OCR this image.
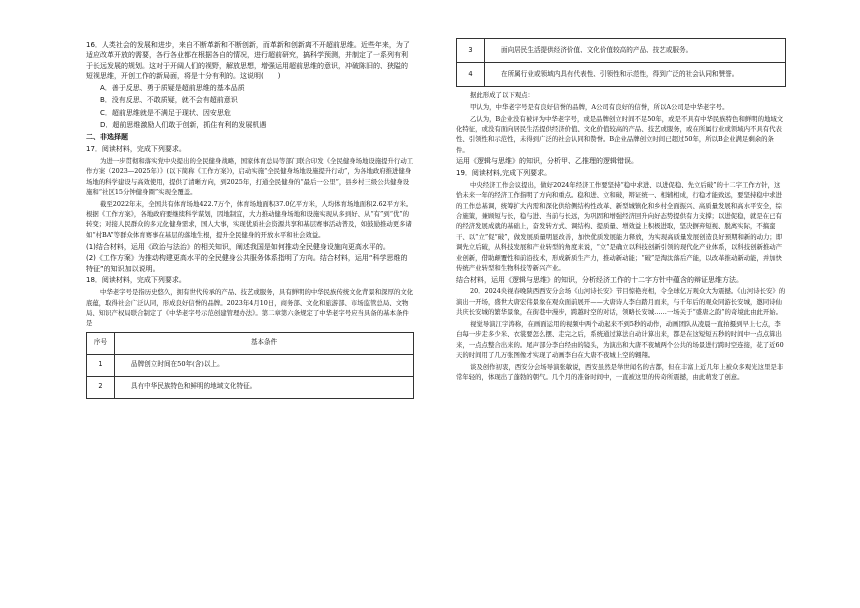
16．人类社会的发展和进步，来自不断革新和不断创新，而革新和创新离不开超前思维。近些年来，为了适应改革开放的需要，各行各业都在根据各自的情况，进行超前研究，搞科学预测，并制定了一系列有利于长远发展的规划。这对于开阔人们的视野，解放思想，增强运用超前思维的意识，冲破陈旧的、狭隘的短视思维，开创工作的新局面，将是十分有利的。这说明(　　)

A．善于反思、勇于质疑是超前思维的基本品质

B．没有反思、不敢质疑，就不会有超前意识

C．超前思维就是不满足于现状、因安思危

D．超前思维激励人们敢于创新，抓住有利的发展机遇

二、非选择题

17．阅读材料，完成下列要求。

为进一步贯彻和落实党中央提出的全民健身战略，国家体育总局等部门联合印发《全民健身场地设施提升行动工作方案（2023—2025年）》(以下简称《工作方案》)，启动实施“全民健身场地设施提升行动”，为各地政府推进健身场地的科学建设与高效使用，提供了清晰方向，到2025年，打通全民健身的“最后一公里”，县乡村三级公共健身设施和“社区15分钟健身圈”实现全覆盖。

截至2022年末，全国共有体育场地422.7万个，体育场地面积37.0亿平方米，人均体育场地面积2.62平方米。根据《工作方案》，各地政府要继续科学谋划，因地制宜，大力推动健身场地和设施实现从多到好、从“有”到“优”的转变；对接人民群众的多元化健身需求，国人大事，实现优质社会资源共享和基层赛事活动普及，如鼓励推动更多诸如“村BA”等群众体育赛事在基层的落地生根，提升全民健身的开放水平和社会效益。

(1)结合材料，运用《政治与法治》的相关知识，阐述我国是如何推动全民健身设施向更高水平的。

(2)《工作方案》为推动构建更高水平的全民健身公共服务体系指明了方向。结合材料，运用“科学思维的特征”的知识加以说明。

18．阅读材料，完成下列要求。

中华老字号是指历史悠久，拥有世代传承的产品、技艺或服务，具有鲜明的中华民族传统文化背景和深厚的文化底蕴，取得社会广泛认同，形成良好信誉的品牌。2023年4月10日，商务部、文化和旅游部、市场监管总局、文物局、知识产权局联合制定了《中华老字号示范创建管理办法》。第二章第六条规定了中华老字号应当具备的基本条件是

序号	基本条件
1	品牌创立时间在50年(含)以上。
2	具有中华民族特色和鲜明的地域文化特征。
3	面向居民生活提供经济价值、文化价值较高的产品、技艺或服务。
4	在所属行业或领域内具有代表性、引领性和示范性，得到广泛的社会认同和赞誉。

据此形成了以下观点：

甲认为，中华老字号是有良好信誉的品牌，A公司有良好的信誉，所以A公司是中华老字号。

乙认为，B企业没有被评为中华老字号，或是品牌创立时间不足50年，或是不具有中华民族特色和鲜明的地域文化特征，或没有面向居民生活提供经济价值、文化价值较高的产品、技艺或服务，或在所属行业或领域内不具有代表性、引领性和示范性，未得到广泛的社会认同和赞誉。B企业品牌创立时间已超过50年，所以B企业满足剩余的条件。

运用《逻辑与思维》的知识，分析甲、乙推理的逻辑错误。

19．阅读材料,完成下列要求。

中央经济工作会议提出，做好2024年经济工作要坚持“稳中求进、以进促稳、先立后破”的十二字工作方针，这恰未来一年的经济工作指明了方向和重点。稳和进、立和破，辩证统一、相辅相成，行稳才能致远，要坚持稳中求进的工作总基调，统筹扩大内需和深化供给侧结构性改革、新型城镇化和乡村全面振兴、高质量发展和高水平安全，综合施策，兼顾短与长，稳与进、当前与长远，为巩固和增强经济回升向好态势提供有力支撑；以进促稳，就是在已有的经济发展成就的基础上，奋发转方式、调结构、提质量、增效益上积极进取，坚决摒弃短视、脱离实际，不搞蛮干、以“立”促“破”，做发展质量明显改善，加快优质发展能力释放，为实现高质量发展创造良好预期和新的动力；即调先立后破，从科技发展和产业转型的角度来说，“立”是确立以科技创新引领的现代化产业体系，以科技创新推动产业创新，借助颠覆性和前沿技术，形成新质生产力，推动新动能；“破”是淘汰落后产能，以改革推动新动能，并加快传统产业转型和生物科技等新兴产业。

结合材料，运用《逻辑与思维》的知识，分析经济工作的十二字方针中蕴含的辩证思维方法。

20．2024央视春晚陕西西安分会场《山河诗长安》节目惊艳亮相，令全球亿万观众大为震撼。《山河诗长安》的演出一开场，盛世大唐宏伟景象在观众面前展开——大唐诗人李白踏月而来，与千年后的观众同游长安城，邀同诗仙共庆长安城的繁华景象，在街巷中漫步，跨越时空的对话，领略长安城……一场关于“盛唐之韵”的奇境此由此开始。

视觉导演江宇涛称，在画面运用的视频中两个动起来不到5秒的动作，动画团队从凌晨一直拍摄到早上七点，李白每一步走多少米、衣裳要怎么摆、走完之后，系统通过算法自动计算出来，都是在这短短五秒的时间中一点点算出来，一点点整合出来的。尾声部分李白经由的镜头，为演出和大唐不夜城两个公共的场景进行跨时空连接，花了近60天的时间用了几万张图像才实现了动画李白在大唐不夜城上空的翱翔。

谈及创作初衷，西安分会场导演张敏说，西安虽然是举世闻名的古都，但在丰富上近几年上被众多观光这里是非常年轻的，体现出了蓬勃的朝气。几个月的准备时间中，一直被这里的传奇所震撼，由此萌发了创意。
